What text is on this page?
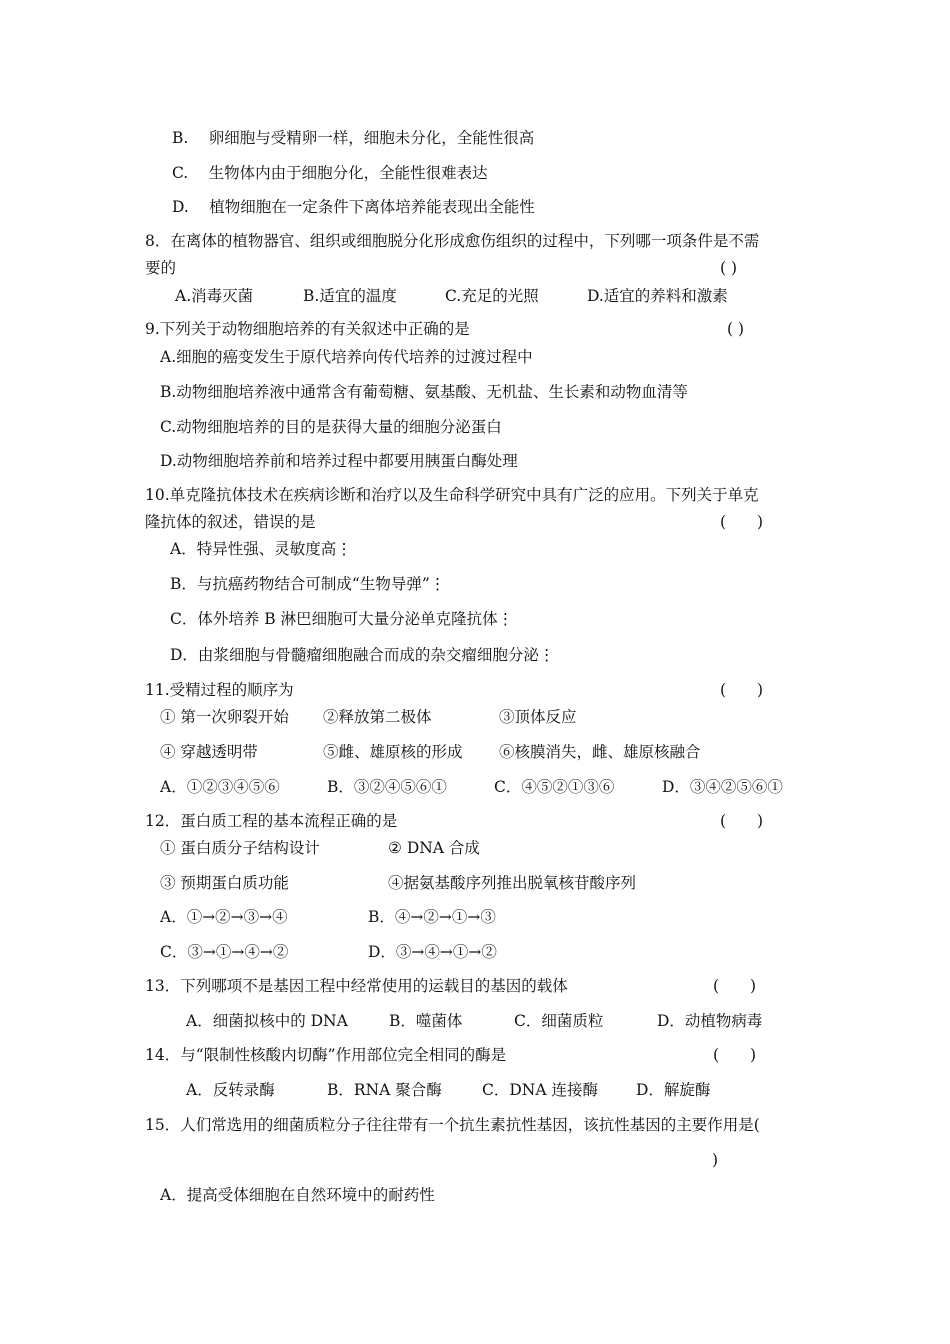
B.　 卵细胞与受精卵一样，细胞未分化，全能性很高
C.　 生物体内由于细胞分化，全能性很难表达
D.　 植物细胞在一定条件下离体培养能表现出全能性
8．在离体的植物器官、组织或细胞脱分化形成愈伤组织的过程中，下列哪一项条件是不需
要的	( )
A.消毒灭菌	B.适宜的温度	C.充足的光照	D.适宜的养料和激素
9.下列关于动物细胞培养的有关叙述中正确的是	( )
A.细胞的癌变发生于原代培养向传代培养的过渡过程中
B.动物细胞培养液中通常含有葡萄糖、氨基酸、无机盐、生长素和动物血清等
C.动物细胞培养的目的是获得大量的细胞分泌蛋白
D.动物细胞培养前和培养过程中都要用胰蛋白酶处理
10.单克隆抗体技术在疾病诊断和治疗以及生命科学研究中具有广泛的应用。下列关于单克
隆抗体的叙述，错误的是	(　　)
A．特异性强、灵敏度高⋮
B．与抗癌药物结合可制成“生物导弹”⋮
C．体外培养 B 淋巴细胞可大量分泌单克隆抗体⋮
D．由浆细胞与骨髓瘤细胞融合而成的杂交瘤细胞分泌⋮
11.受精过程的顺序为	(　　)
① 第一次卵裂开始 ②释放第二极体	③顶体反应
④ 穿越透明带	⑤雌、雄原核的形成 ⑥核膜消失，雌、雄原核融合
A．①②③④⑤⑥	B．③②④⑤⑥①	C．④⑤②①③⑥	D．③④②⑤⑥①
12．蛋白质工程的基本流程正确的是	(　　)
① 蛋白质分子结构设计	② DNA 合成
③ 预期蛋白质功能	④据氨基酸序列推出脱氧核苷酸序列
A．①→②→③→④	B．④→②→①→③
C．③→①→④→②	D．③→④→①→②
13．下列哪项不是基因工程中经常使用的运载目的基因的载体	(　　)
A．细菌拟核中的 DNA	B．噬菌体	C．细菌质粒	D．动植物病毒
14．与“限制性核酸内切酶”作用部位完全相同的酶是	(　　)
A．反转录酶	B．RNA 聚合酶	C．DNA 连接酶 D．解旋酶
15．人们常选用的细菌质粒分子往往带有一个抗生素抗性基因，该抗性基因的主要作用是(
)
A．提高受体细胞在自然环境中的耐药性
